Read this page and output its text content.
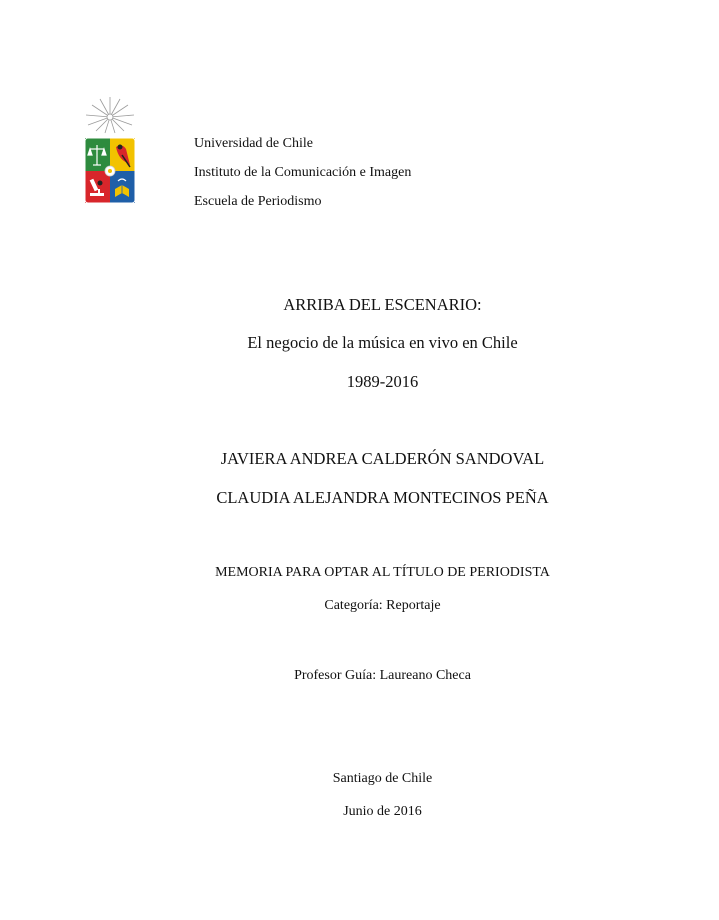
Universidad de Chile
Instituto de la Comunicación e Imagen
Escuela de Periodismo
ARRIBA DEL ESCENARIO:
El negocio de la música en vivo en Chile
1989-2016
JAVIERA ANDREA CALDERÓN SANDOVAL
CLAUDIA ALEJANDRA MONTECINOS PEÑA
MEMORIA PARA OPTAR AL TÍTULO DE PERIODISTA
Categoría: Reportaje
Profesor Guía: Laureano Checa
Santiago de Chile
Junio de 2016
